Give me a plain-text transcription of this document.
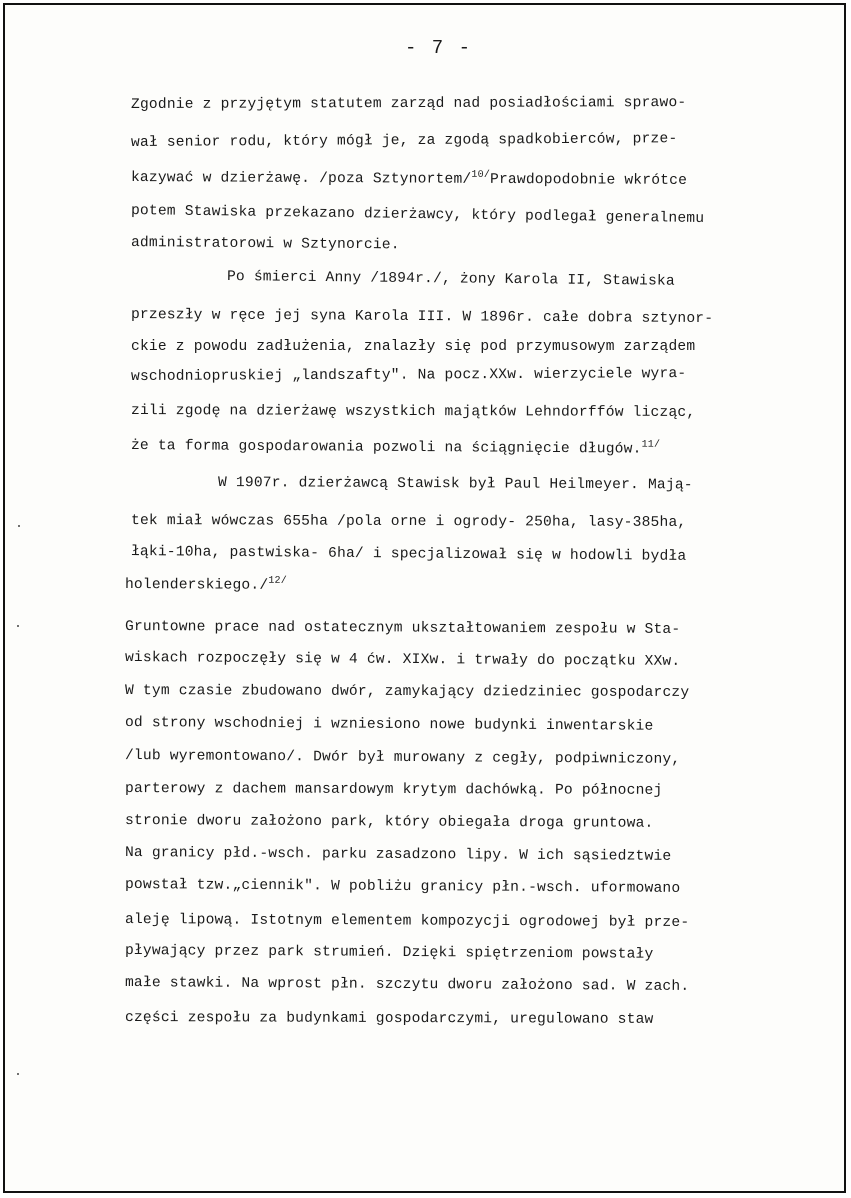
- 7 -
Zgodnie z przyjętym statutem zarząd nad posiadłościami sprawo-
wał senior rodu, który mógł je, za zgodą spadkobierców, prze-
kazywać w dzierżawę. /poza Sztynortem/$^{10/}$Prawdopodobnie wkrótce
potem Stawiska przekazano dzierżawcy, który podlegał generalnemu
administratorowi w Sztynorcie.
Po śmierci Anny /1894r./, żony Karola II, Stawiska
przeszły w ręce jej syna Karola III. W 1896r. całe dobra sztynor-
ckie z powodu zadłużenia, znalazły się pod przymusowym zarządem
wschodniopruskiej „landszafty". Na pocz.XXw. wierzyciele wyra-
zili zgodę na dzierżawę wszystkich majątków Lehndorffów licząc,
że ta forma gospodarowania pozwoli na ściągnięcie długów.$^{11/}$
W 1907r. dzierżawcą Stawisk był Paul Heilmeyer. Mają-
tek miał wówczas 655ha /pola orne i ogrody- 250ha, lasy-385ha,
łąki-10ha, pastwiska- 6ha/ i specjalizował się w hodowli bydła
holenderskiego./$^{12/}$
Gruntowne prace nad ostatecznym ukształtowaniem zespołu w Sta-
wiskach rozpoczęły się w 4 ćw. XIXw. i trwały do początku XXw.
W tym czasie zbudowano dwór, zamykający dziedziniec gospodarczy
od strony wschodniej i wzniesiono nowe budynki inwentarskie
/lub wyremontowano/. Dwór był murowany z cegły, podpiwniczony,
parterowy z dachem mansardowym krytym dachówką. Po północnej
stronie dworu założono park, który obiegała droga gruntowa.
Na granicy płd.-wsch. parku zasadzono lipy. W ich sąsiedztwie
powstał tzw.„ciennik". W pobliżu granicy płn.-wsch. uformowano
aleję lipową. Istotnym elementem kompozycji ogrodowej był prze-
pływający przez park strumień. Dzięki spiętrzeniom powstały
małe stawki. Na wprost płn. szczytu dworu założono sad. W zach.
części zespołu za budynkami gospodarczymi, uregulowano staw
